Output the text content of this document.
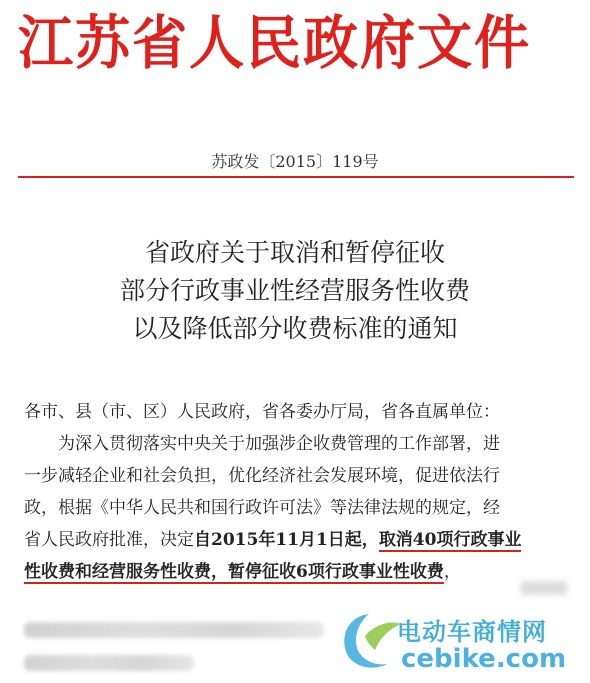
江苏省人民政府文件
苏政发〔2015〕119号
省政府关于取消和暂停征收
部分行政事业性经营服务性收费
以及降低部分收费标准的通知
各市、县（市、区）人民政府，省各委办厅局，省各直属单位：
为深入贯彻落实中央关于加强涉企收费管理的工作部署，进
一步减轻企业和社会负担，优化经济社会发展环境，促进依法行
政，根据《中华人民共和国行政许可法》等法律法规的规定，经
省人民政府批准，决定自2015年11月1日起，取消40项行政事业
性收费和经营服务性收费，暂停征收6项行政事业性收费，
电动车商情网
cebike.com
